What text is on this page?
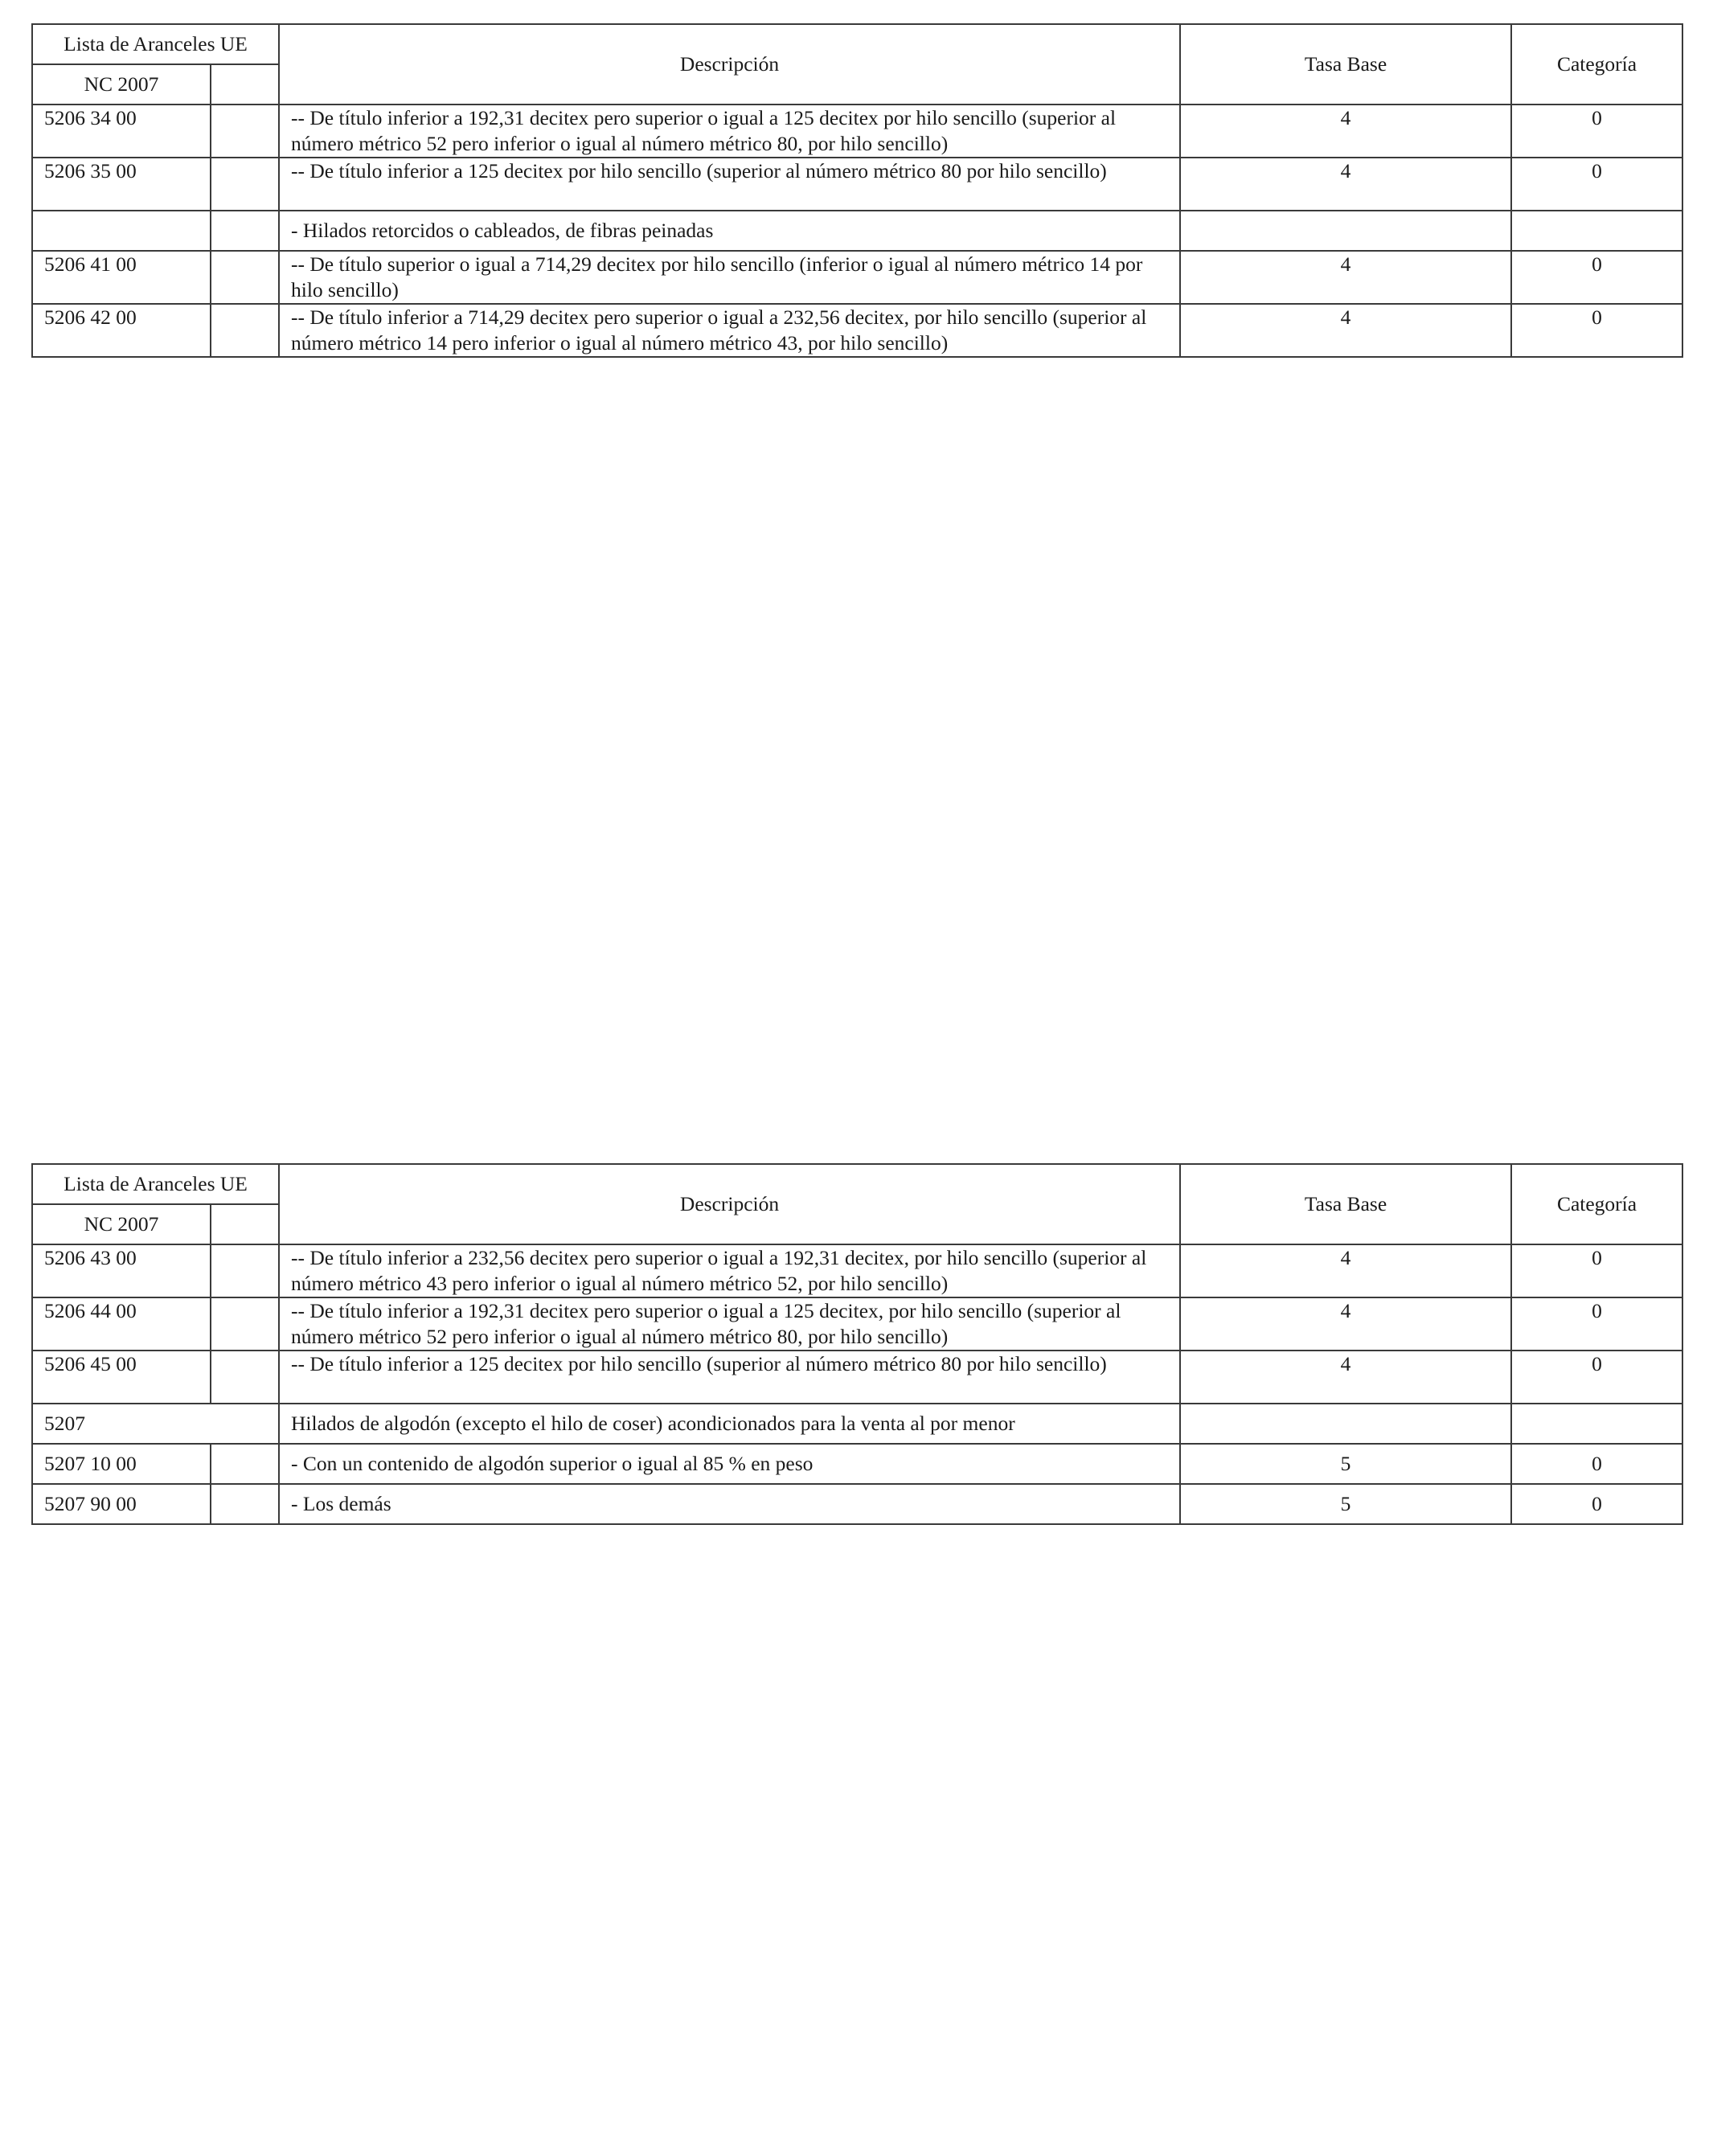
Lista de Aranceles UE		Descripción	Tasa Base	Categoría
NC 2007				
5206 34 00		-- De título inferior a 192,31 decitex pero superior o igual a 125 decitex por hilo sencillo (superior al número métrico 52 pero inferior o igual al número métrico 80, por hilo sencillo)	4	0
5206 35 00		-- De título inferior a 125 decitex por hilo sencillo (superior al número métrico 80 por hilo sencillo)	4	0
		- Hilados retorcidos o cableados, de fibras peinadas		
5206 41 00		-- De título superior o igual a 714,29 decitex por hilo sencillo (inferior o igual al número métrico 14 por hilo sencillo)	4	0
5206 42 00		-- De título inferior a 714,29 decitex pero superior o igual a 232,56 decitex, por hilo sencillo (superior al número métrico 14 pero inferior o igual al número métrico 43, por hilo sencillo)	4	0
Lista de Aranceles UE		Descripción	Tasa Base	Categoría
NC 2007				
5206 43 00		-- De título inferior a 232,56 decitex pero superior o igual a 192,31 decitex, por hilo sencillo (superior al número métrico 43 pero inferior o igual al número métrico 52, por hilo sencillo)	4	0
5206 44 00		-- De título inferior a 192,31 decitex pero superior o igual a 125 decitex, por hilo sencillo (superior al número métrico 52 pero inferior o igual al número métrico 80, por hilo sencillo)	4	0
5206 45 00		-- De título inferior a 125 decitex por hilo sencillo (superior al número métrico 80 por hilo sencillo)	4	0
5207		Hilados de algodón (excepto el hilo de coser) acondicionados para la venta al por menor		
5207 10 00		- Con un contenido de algodón superior o igual al 85 % en peso	5	0
5207 90 00		- Los demás	5	0
